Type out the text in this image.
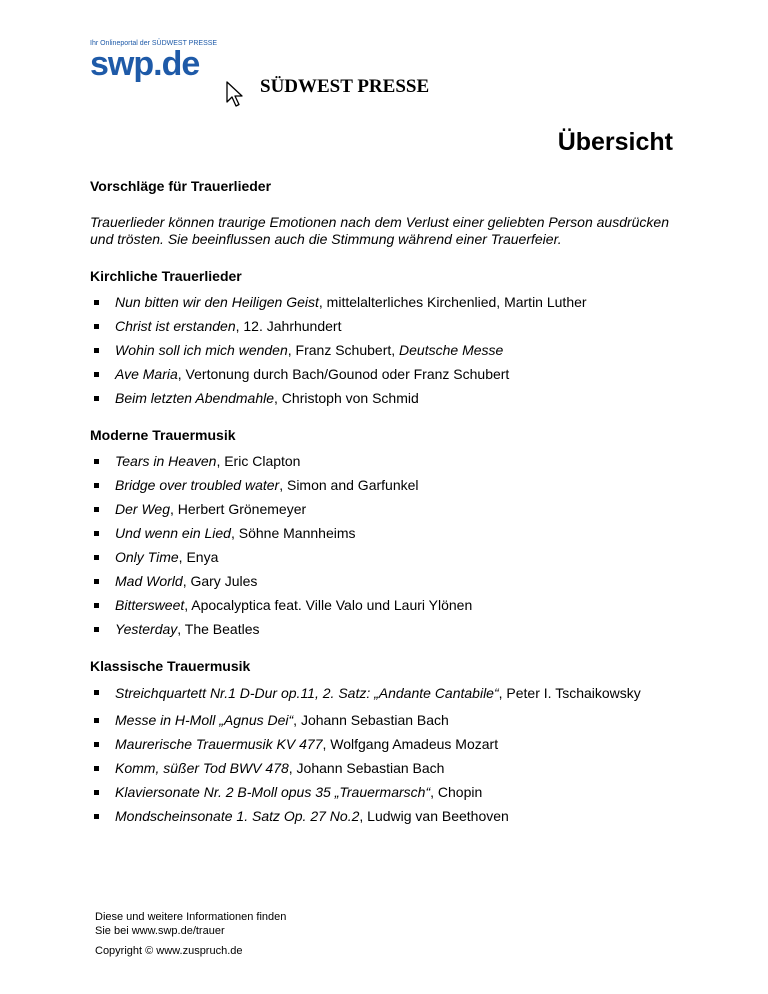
Ihr Onlineportal der SÜDWEST PRESSE
swp.de
SÜDWEST PRESSE
Übersicht

Vorschläge für Trauerlieder

Trauerlieder können traurige Emotionen nach dem Verlust einer geliebten Person ausdrücken und trösten. Sie beeinflussen auch die Stimmung während einer Trauerfeier.

Kirchliche Trauerlieder

Nun bitten wir den Heiligen Geist, mittelalterliches Kirchenlied, Martin Luther
Christ ist erstanden, 12. Jahrhundert
Wohin soll ich mich wenden, Franz Schubert, Deutsche Messe
Ave Maria, Vertonung durch Bach/Gounod oder Franz Schubert
Beim letzten Abendmahle, Christoph von Schmid

Moderne Trauermusik

Tears in Heaven, Eric Clapton
Bridge over troubled water, Simon and Garfunkel
Der Weg, Herbert Grönemeyer
Und wenn ein Lied, Söhne Mannheims
Only Time, Enya
Mad World, Gary Jules
Bittersweet, Apocalyptica feat. Ville Valo und Lauri Ylönen
Yesterday, The Beatles

Klassische Trauermusik

Streichquartett Nr.1 D-Dur op.11, 2. Satz: „Andante Cantabile“, Peter I. Tschaikowsky
Messe in H-Moll „Agnus Dei“, Johann Sebastian Bach
Maurerische Trauermusik KV 477, Wolfgang Amadeus Mozart
Komm, süßer Tod BWV 478, Johann Sebastian Bach
Klaviersonate Nr. 2 B-Moll opus 35 „Trauermarsch“, Chopin
Mondscheinsonate 1. Satz Op. 27 No.2, Ludwig van Beethoven
Diese und weitere Informationen finden
Sie bei www.swp.de/trauer
Copyright © www.zuspruch.de
